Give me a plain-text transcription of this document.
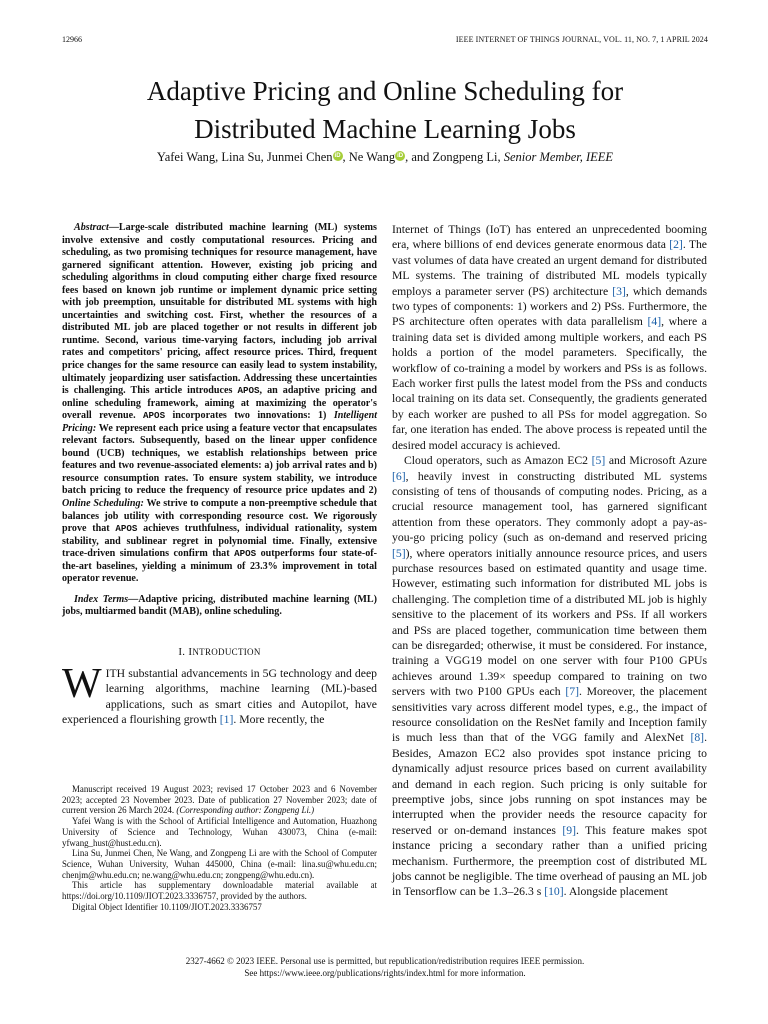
12966	IEEE INTERNET OF THINGS JOURNAL, VOL. 11, NO. 7, 1 APRIL 2024
Adaptive Pricing and Online Scheduling for
Distributed Machine Learning Jobs
Yafei Wang, Lina Su, Junmei Chen iD , Ne Wang iD , and Zongpeng Li, Senior Member, IEEE

Abstract—Large-scale distributed machine learning (ML) systems involve extensive and costly computational resources. Pricing and scheduling, as two promising techniques for resource management, have garnered significant attention. However, existing job pricing and scheduling algorithms in cloud computing either charge fixed resource fees based on known job runtime or implement dynamic price setting with job preemption, unsuitable for distributed ML systems with high uncertainties and switching cost. First, whether the resources of a distributed ML job are placed together or not results in different job runtime. Second, various time-varying factors, including job arrival rates and competitors' pricing, affect resource prices. Third, frequent price changes for the same resource can easily lead to system instability, ultimately jeopardizing user satisfaction. Addressing these uncertainties is challenging. This article introduces APOS, an adaptive pricing and online scheduling framework, aiming at maximizing the operator's overall revenue. APOS incorporates two innovations: 1) Intelligent Pricing: We represent each price using a feature vector that encapsulates relevant factors. Subsequently, based on the linear upper confidence bound (UCB) techniques, we establish relationships between price features and two revenue-associated elements: a) job arrival rates and b) resource consumption rates. To ensure system stability, we introduce batch pricing to reduce the frequency of resource price updates and 2) Online Scheduling: We strive to compute a non-preemptive schedule that balances job utility with corresponding resource cost. We rigorously prove that APOS achieves truthfulness, individual rationality, system stability, and sublinear regret in polynomial time. Finally, extensive trace-driven simulations confirm that APOS outperforms four state-of-the-art baselines, yielding a minimum of 23.3% improvement in total operator revenue.

Index Terms—Adaptive pricing, distributed machine learning (ML) jobs, multiarmed bandit (MAB), online scheduling.

I. INTRODUCTION

WITH substantial advancements in 5G technology and deep learning algorithms, machine learning (ML)-based applications, such as smart cities and Autopilot, have experienced a flourishing growth [1]. More recently, the

Manuscript received 19 August 2023; revised 17 October 2023 and 6 November 2023; accepted 23 November 2023. Date of publication 27 November 2023; date of current version 26 March 2024. (Corresponding author: Zongpeng Li.)

Yafei Wang is with the School of Artificial Intelligence and Automation, Huazhong University of Science and Technology, Wuhan 430073, China (e-mail: yfwang_hust@hust.edu.cn).

Lina Su, Junmei Chen, Ne Wang, and Zongpeng Li are with the School of Computer Science, Wuhan University, Wuhan 445000, China (e-mail: lina.su@whu.edu.cn; chenjm@whu.edu.cn; ne.wang@whu.edu.cn; zongpeng@whu.edu.cn).

This article has supplementary downloadable material available at https://doi.org/10.1109/JIOT.2023.3336757, provided by the authors.

Digital Object Identifier 10.1109/JIOT.2023.3336757

Internet of Things (IoT) has entered an unprecedented booming era, where billions of end devices generate enormous data [2]. The vast volumes of data have created an urgent demand for distributed ML systems. The training of distributed ML models typically employs a parameter server (PS) architecture [3], which demands two types of components: 1) workers and 2) PSs. Furthermore, the PS architecture often operates with data parallelism [4], where a training data set is divided among multiple workers, and each PS holds a portion of the model parameters. Specifically, the workflow of co-training a model by workers and PSs is as follows. Each worker first pulls the latest model from the PSs and conducts local training on its data set. Consequently, the gradients generated by each worker are pushed to all PSs for model aggregation. So far, one iteration has ended. The above process is repeated until the desired model accuracy is achieved.

Cloud operators, such as Amazon EC2 [5] and Microsoft Azure [6], heavily invest in constructing distributed ML systems consisting of tens of thousands of computing nodes. Pricing, as a crucial resource management tool, has garnered significant attention from these operators. They commonly adopt a pay-as-you-go pricing policy (such as on-demand and reserved pricing [5]), where operators initially announce resource prices, and users purchase resources based on estimated quantity and usage time. However, estimating such information for distributed ML jobs is challenging. The completion time of a distributed ML job is highly sensitive to the placement of its workers and PSs. If all workers and PSs are placed together, communication time between them can be disregarded; otherwise, it must be considered. For instance, training a VGG19 model on one server with four P100 GPUs achieves around 1.39× speedup compared to training on two servers with two P100 GPUs each [7]. Moreover, the placement sensitivities vary across different model types, e.g., the impact of resource consolidation on the ResNet family and Inception family is much less than that of the VGG family and AlexNet [8]. Besides, Amazon EC2 also provides spot instance pricing to dynamically adjust resource prices based on current availability and demand in each region. Such pricing is only suitable for preemptive jobs, since jobs running on spot instances may be interrupted when the provider needs the resource capacity for reserved or on-demand instances [9]. This feature makes spot instance pricing a secondary rather than a unified pricing mechanism. Furthermore, the preemption cost of distributed ML jobs cannot be negligible. The time overhead of pausing an ML job in Tensorflow can be 1.3–26.3 s [10]. Alongside placement

2327-4662 © 2023 IEEE. Personal use is permitted, but republication/redistribution requires IEEE permission.
See https://www.ieee.org/publications/rights/index.html for more information.
